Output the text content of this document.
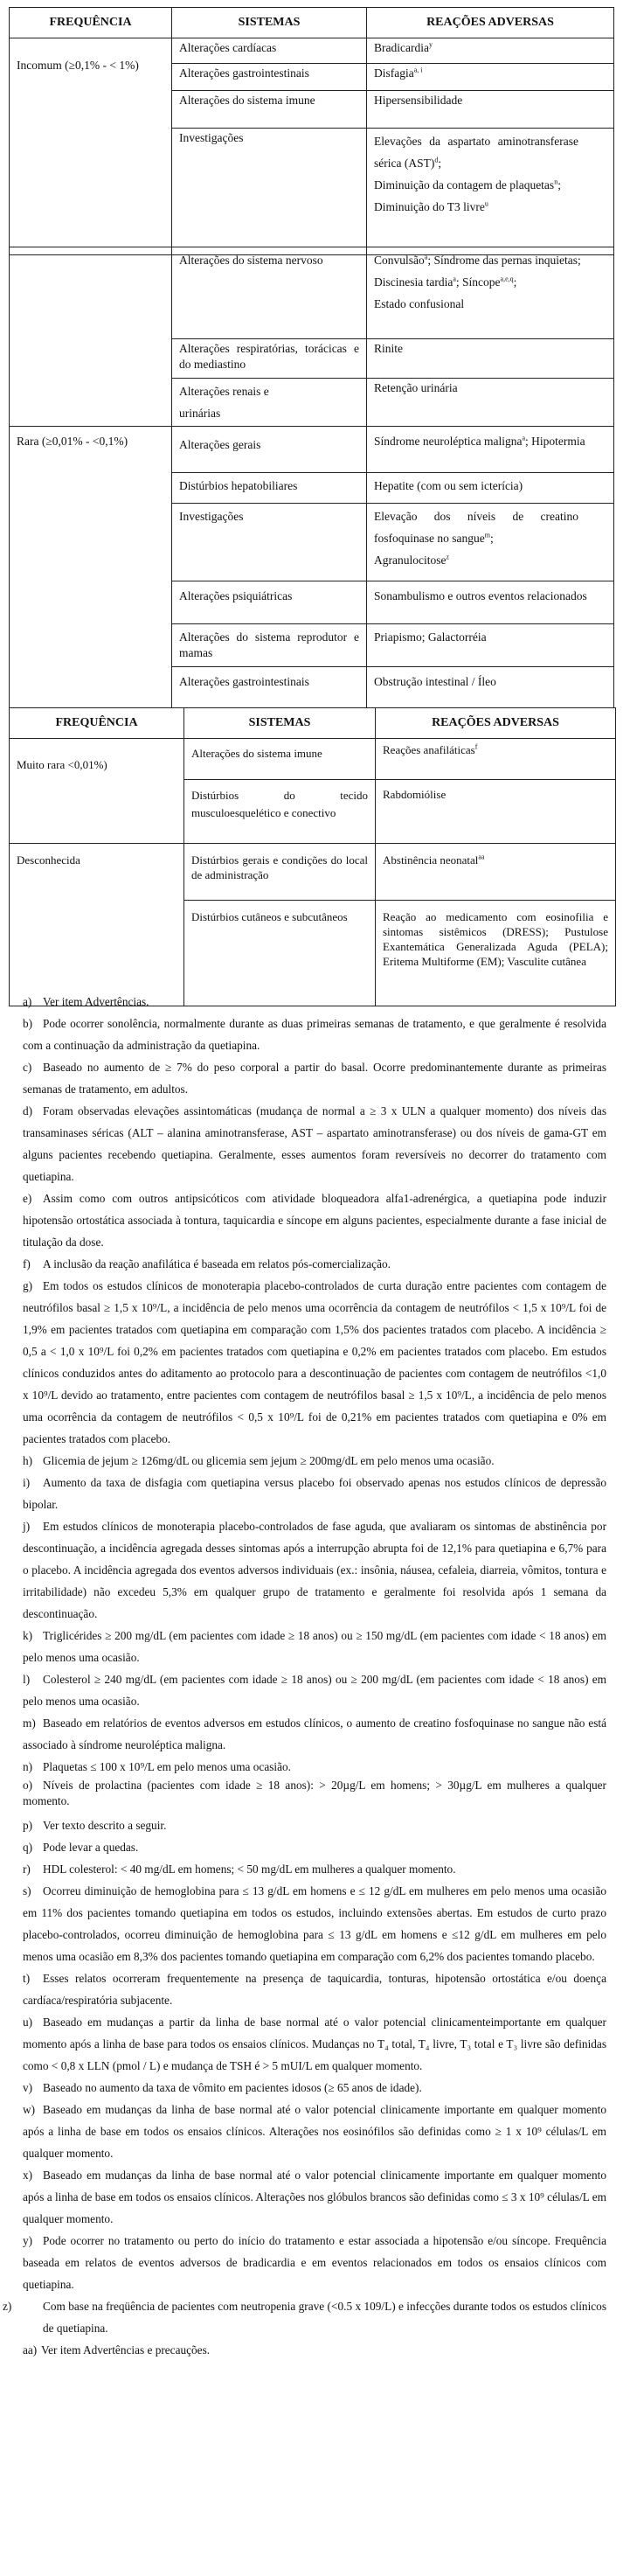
FREQUÊNCIA	SISTEMAS	REAÇÕES ADVERSAS
Incomum (≥0,1% - < 1%)	Alterações cardíacas	Bradicardia$^y$
	Alterações gastrointestinais	Disfagia$^{a, i}$
	Alterações do sistema imune	Hipersensibilidade
	Investigações	Elevações da aspartato aminotransferase sérica (AST)$^d$;
Diminuição da contagem de plaquetas$^n$;
Diminuição do T3 livre$^u$
	Alterações do sistema nervoso	Convulsão$^a$; Síndrome das pernas inquietas;
Discinesia tardia$^a$; Síncope$^{a,e,q}$;
Estado confusional
	Alterações respiratórias, torácicas e do mediastino	Rinite
	Alterações renais e urinárias	Retenção urinária
Rara (≥0,01% - <0,1%)	Alterações gerais	Síndrome neuroléptica maligna$^a$; Hipotermia
	Distúrbios hepatobiliares	Hepatite (com ou sem icterícia)
	Investigações	Elevação dos níveis de creatino fosfoquinase no sangue$^m$;
Agranulocitose$^z$
	Alterações psiquiátricas	Sonambulismo e outros eventos relacionados
	Alterações do sistema reprodutor e mamas	Priapismo; Galactorréia
	Alterações gastrointestinais	Obstrução intestinal / Íleo
FREQUÊNCIA	SISTEMAS	REAÇÕES ADVERSAS
Muito rara <0,01%)	Alterações do sistema imune	Reações anafiláticas$^f$
	Distúrbios do tecido musculoesquelético e conectivo	Rabdomiólise
Desconhecida	Distúrbios gerais e condições do local de administração	Abstinência neonatal$^{aa}$
	Distúrbios cutâneos e subcutâneos	Reação ao medicamento com eosinofilia e sintomas sistêmicos (DRESS); Pustulose Exantemática Generalizada Aguda (PELA); Eritema Multiforme (EM); Vasculite cutânea

a) Ver item Advertências.

b) Pode ocorrer sonolência, normalmente durante as duas primeiras semanas de tratamento, e que geralmente é resolvida com a continuação da administração da quetiapina.

c) Baseado no aumento de ≥ 7% do peso corporal a partir do basal. Ocorre predominantemente durante as primeiras semanas de tratamento, em adultos.

d) Foram observadas elevações assintomáticas (mudança de normal a ≥ 3 x ULN a qualquer momento) dos níveis das transaminases séricas (ALT – alanina aminotransferase, AST – aspartato aminotransferase) ou dos níveis de gama-GT em alguns pacientes recebendo quetiapina. Geralmente, esses aumentos foram reversíveis no decorrer do tratamento com quetiapina.

e) Assim como com outros antipsicóticos com atividade bloqueadora alfa1-adrenérgica, a quetiapina pode induzir hipotensão ortostática associada à tontura, taquicardia e síncope em alguns pacientes, especialmente durante a fase inicial de titulação da dose.

f) A inclusão da reação anafilática é baseada em relatos pós-comercialização.

g) Em todos os estudos clínicos de monoterapia placebo-controlados de curta duração entre pacientes com contagem de neutrófilos basal ≥ 1,5 x 10⁹/L, a incidência de pelo menos uma ocorrência da contagem de neutrófilos < 1,5 x 10⁹/L foi de 1,9% em pacientes tratados com quetiapina em comparação com 1,5% dos pacientes tratados com placebo. A incidência ≥ 0,5 a < 1,0 x 10⁹/L foi 0,2% em pacientes tratados com quetiapina e 0,2% em pacientes tratados com placebo. Em estudos clínicos conduzidos antes do aditamento ao protocolo para a descontinuação de pacientes com contagem de neutrófilos <1,0 x 10⁹/L devido ao tratamento, entre pacientes com contagem de neutrófilos basal ≥ 1,5 x 10⁹/L, a incidência de pelo menos uma ocorrência da contagem de neutrófilos < 0,5 x 10⁹/L foi de 0,21% em pacientes tratados com quetiapina e 0% em pacientes tratados com placebo.

h) Glicemia de jejum ≥ 126mg/dL ou glicemia sem jejum ≥ 200mg/dL em pelo menos uma ocasião.

i) Aumento da taxa de disfagia com quetiapina versus placebo foi observado apenas nos estudos clínicos de depressão bipolar.

j) Em estudos clínicos de monoterapia placebo-controlados de fase aguda, que avaliaram os sintomas de abstinência por descontinuação, a incidência agregada desses sintomas após a interrupção abrupta foi de 12,1% para quetiapina e 6,7% para o placebo. A incidência agregada dos eventos adversos individuais (ex.: insônia, náusea, cefaleia, diarreia, vômitos, tontura e irritabilidade) não excedeu 5,3% em qualquer grupo de tratamento e geralmente foi resolvida após 1 semana da descontinuação.

k) Triglicérides ≥ 200 mg/dL (em pacientes com idade ≥ 18 anos) ou ≥ 150 mg/dL (em pacientes com idade < 18 anos) em pelo menos uma ocasião.

l) Colesterol ≥ 240 mg/dL (em pacientes com idade ≥ 18 anos) ou ≥ 200 mg/dL (em pacientes com idade < 18 anos) em pelo menos uma ocasião.

m) Baseado em relatórios de eventos adversos em estudos clínicos, o aumento de creatino fosfoquinase no sangue não está associado à síndrome neuroléptica maligna.

n) Plaquetas ≤ 100 x 10⁹/L em pelo menos uma ocasião.

o) Níveis de prolactina (pacientes com idade ≥ 18 anos): > 20µg/L em homens; > 30µg/L em mulheres a qualquer momento.

p) Ver texto descrito a seguir.

q) Pode levar a quedas.

r) HDL colesterol: < 40 mg/dL em homens; < 50 mg/dL em mulheres a qualquer momento.

s) Ocorreu diminuição de hemoglobina para ≤ 13 g/dL em homens e ≤ 12 g/dL em mulheres em pelo menos uma ocasião em 11% dos pacientes tomando quetiapina em todos os estudos, incluindo extensões abertas. Em estudos de curto prazo placebo-controlados, ocorreu diminuição de hemoglobina para ≤ 13 g/dL em homens e ≤12 g/dL em mulheres em pelo menos uma ocasião em 8,3% dos pacientes tomando quetiapina em comparação com 6,2% dos pacientes tomando placebo.

t) Esses relatos ocorreram frequentemente na presença de taquicardia, tonturas, hipotensão ortostática e/ou doença cardíaca/respiratória subjacente.

u) Baseado em mudanças a partir da linha de base normal até o valor potencial clinicamenteimportante em qualquer momento após a linha de base para todos os ensaios clínicos. Mudanças no T₄ total, T₄ livre, T₃ total e T₃ livre são definidas como < 0,8 x LLN (pmol / L) e mudança de TSH é > 5 mUI/L em qualquer momento.

v) Baseado no aumento da taxa de vômito em pacientes idosos (≥ 65 anos de idade).

w) Baseado em mudanças da linha de base normal até o valor potencial clinicamente importante em qualquer momento após a linha de base em todos os ensaios clínicos. Alterações nos eosinófilos são definidas como ≥ 1 x 10⁹ células/L em qualquer momento.

x) Baseado em mudanças da linha de base normal até o valor potencial clinicamente importante em qualquer momento após a linha de base em todos os ensaios clínicos. Alterações nos glóbulos brancos são definidas como ≤ 3 x 10⁹ células/L em qualquer momento.

y) Pode ocorrer no tratamento ou perto do início do tratamento e estar associada a hipotensão e/ou síncope. Frequência baseada em relatos de eventos adversos de bradicardia e em eventos relacionados em todos os ensaios clínicos com quetiapina.

z)	Com base na freqüência de pacientes com neutropenia grave (<0.5 x 109/L) e infecções durante todos os estudos clínicos de quetiapina.

aa) Ver item Advertências e precauções.
